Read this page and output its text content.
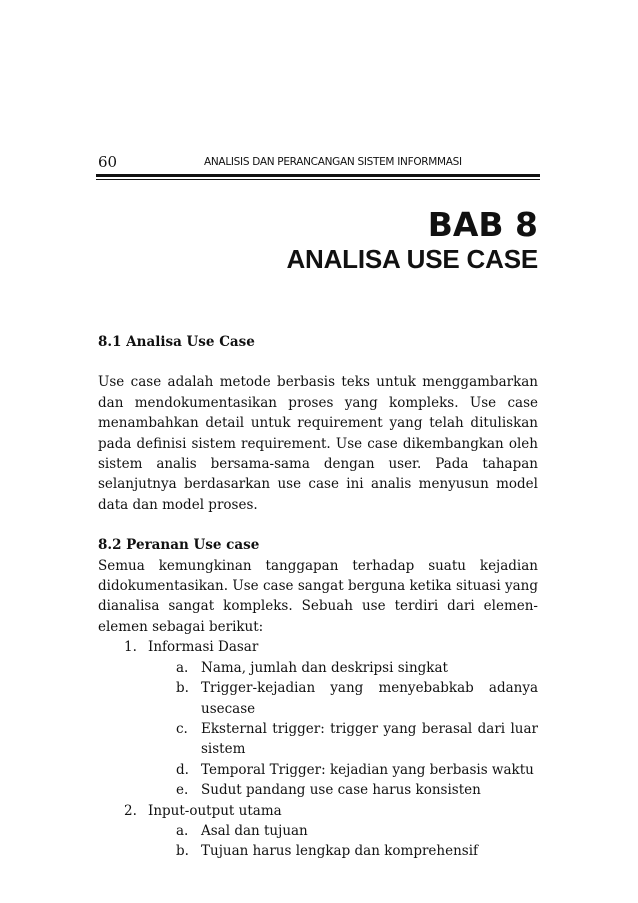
60	ANALISIS DAN PERANCANGAN SISTEM INFORMMASI
BAB 8
ANALISA USE CASE

8.1 Analisa Use Case

Use case adalah metode berbasis teks untuk menggambarkan dan mendokumentasikan proses yang kompleks. Use case menambahkan detail untuk requirement yang telah dituliskan pada definisi sistem requirement. Use case dikembangkan oleh sistem analis bersama-sama dengan user. Pada tahapan selanjutnya berdasarkan use case ini analis menyusun model data dan model proses.

8.2 Peranan Use case

Semua kemungkinan tanggapan terhadap suatu kejadian didokumentasikan. Use case sangat berguna ketika situasi yang dianalisa sangat kompleks. Sebuah use terdiri dari elemen-elemen sebagai berikut:

1. Informasi Dasar
a. Nama, jumlah dan deskripsi singkat
b. Trigger-kejadian yang menyebabkab adanya usecase
c. Eksternal trigger: trigger yang berasal dari luar sistem
d. Temporal Trigger: kejadian yang berbasis waktu
e. Sudut pandang use case harus konsisten
2. Input-output utama
a. Asal dan tujuan
b. Tujuan harus lengkap dan komprehensif
